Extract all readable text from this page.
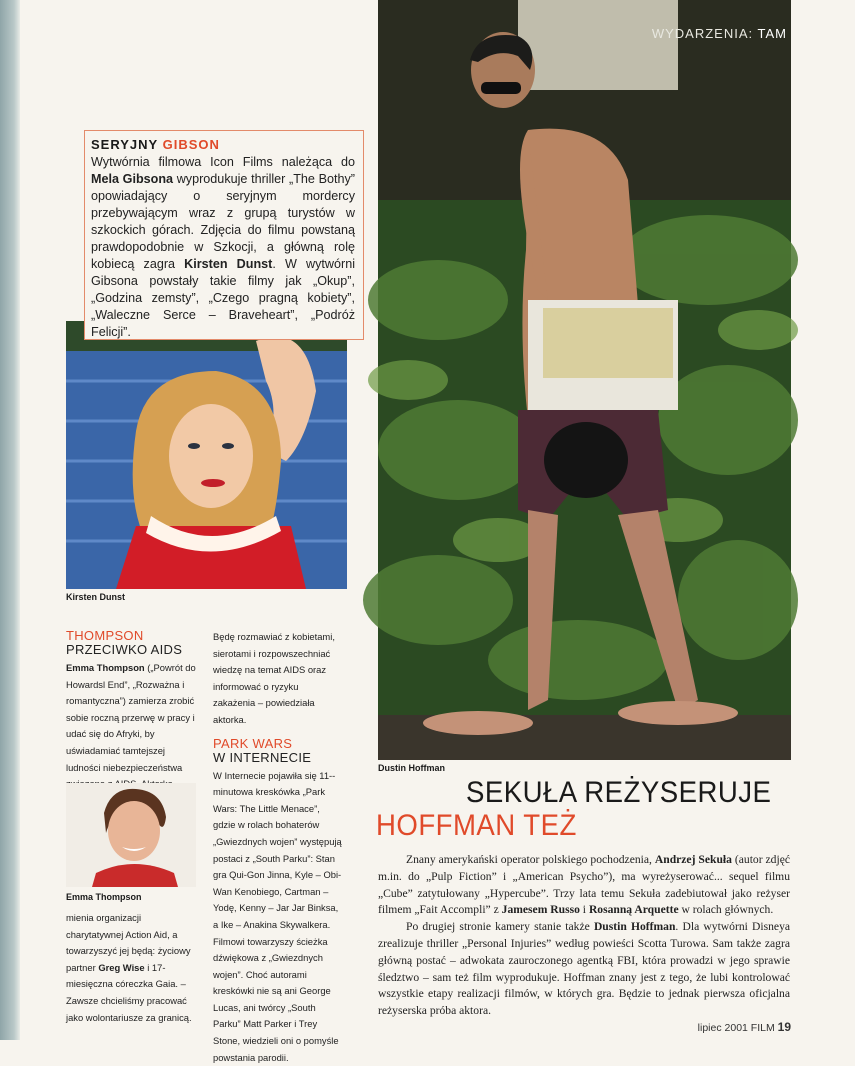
WYDARZENIA: TAM
Dustin Hoffman
Kirsten Dunst
SERYJNY GIBSON
Wytwórnia filmowa Icon Films należąca do Mela Gibsona wyprodukuje thriller „The Bothy” opowiadający o seryjnym mordercy przebywającym wraz z grupą turystów w szkockich górach. Zdjęcia do filmu powstaną prawdopodobnie w Szkocji, a główną rolę kobiecą zagra Kirsten Dunst. W wytwórni Gibsona powstały takie filmy jak „Okup”, „Godzina zemsty”, „Czego pragną kobiety”, „Waleczne Serce – Braveheart”, „Podróż Felicji”.
THOMPSON
PRZECIWKO AIDS
Emma Thompson („Powrót do Howardsl End”, „Rozważna i romantyczna”) zamierza zrobić sobie roczną przerwę w pracy i udać się do Afryki, by uświadamiać tamtejszej ludności niebezpieczeństwa
Emma Thompson
mienia organizacji charytatywnej Action Aid, a towarzyszyć jej będą: życiowy partner Greg Wise i 17-miesięczna córeczka Gaia. – Zawsze chcieliśmy pracować jako wolontariusze za granicą.
Będę rozmawiać z kobietami, sierotami i rozpowszechniać wiedzę na temat AIDS oraz informować o ryzyku zakażenia – powiedziała aktorka.
PARK WARS
W INTERNECIE
W Internecie pojawiła się 11--minutowa kreskówka „Park Wars: The Little Menace”, gdzie w rolach bohaterów „Gwiezdnych wojen” występują postaci z „South Parku”: Stan gra Qui-Gon Jinna, Kyle – Obi-Wan Kenobiego, Cartman – Yodę, Kenny – Jar Jar Binksa, a Ike – Anakina Skywalkera. Filmowi towarzyszy ścieżka dźwiękowa z „Gwiezdnych wojen”. Choć autorami kreskówki nie są ani George Lucas, ani twórcy „South Parku” Matt Parker i Trey Stone, wiedzieli oni o pomyśle powstania parodii.
SEKUŁA REŻYSERUJE
HOFFMAN TEŻ

Znany amerykański operator polskiego pochodzenia, Andrzej Sekuła (autor zdjęć m.in. do „Pulp Fiction” i „American Psycho”), ma wyreżyserować... sequel filmu „Cube” zatytułowany „Hypercube”. Trzy lata temu Sekuła zadebiutował jako reżyser filmem „Fait Accompli” z Jamesem Russo i Rosanną Arquette w rolach głównych.

Po drugiej stronie kamery stanie także Dustin Hoffman. Dla wytwórni Disneya zrealizuje thriller „Personal Injuries” według powieści Scotta Turowa. Sam także zagra główną postać – adwokata zauroczonego agentką FBI, która prowadzi w jego sprawie śledztwo – sam też film wyprodukuje. Hoffman znany jest z tego, że lubi kontrolować wszystkie etapy realizacji filmów, w których gra. Będzie to jednak pierwsza oficjalna reżyserska próba aktora.

lipiec 2001 FILM 19
